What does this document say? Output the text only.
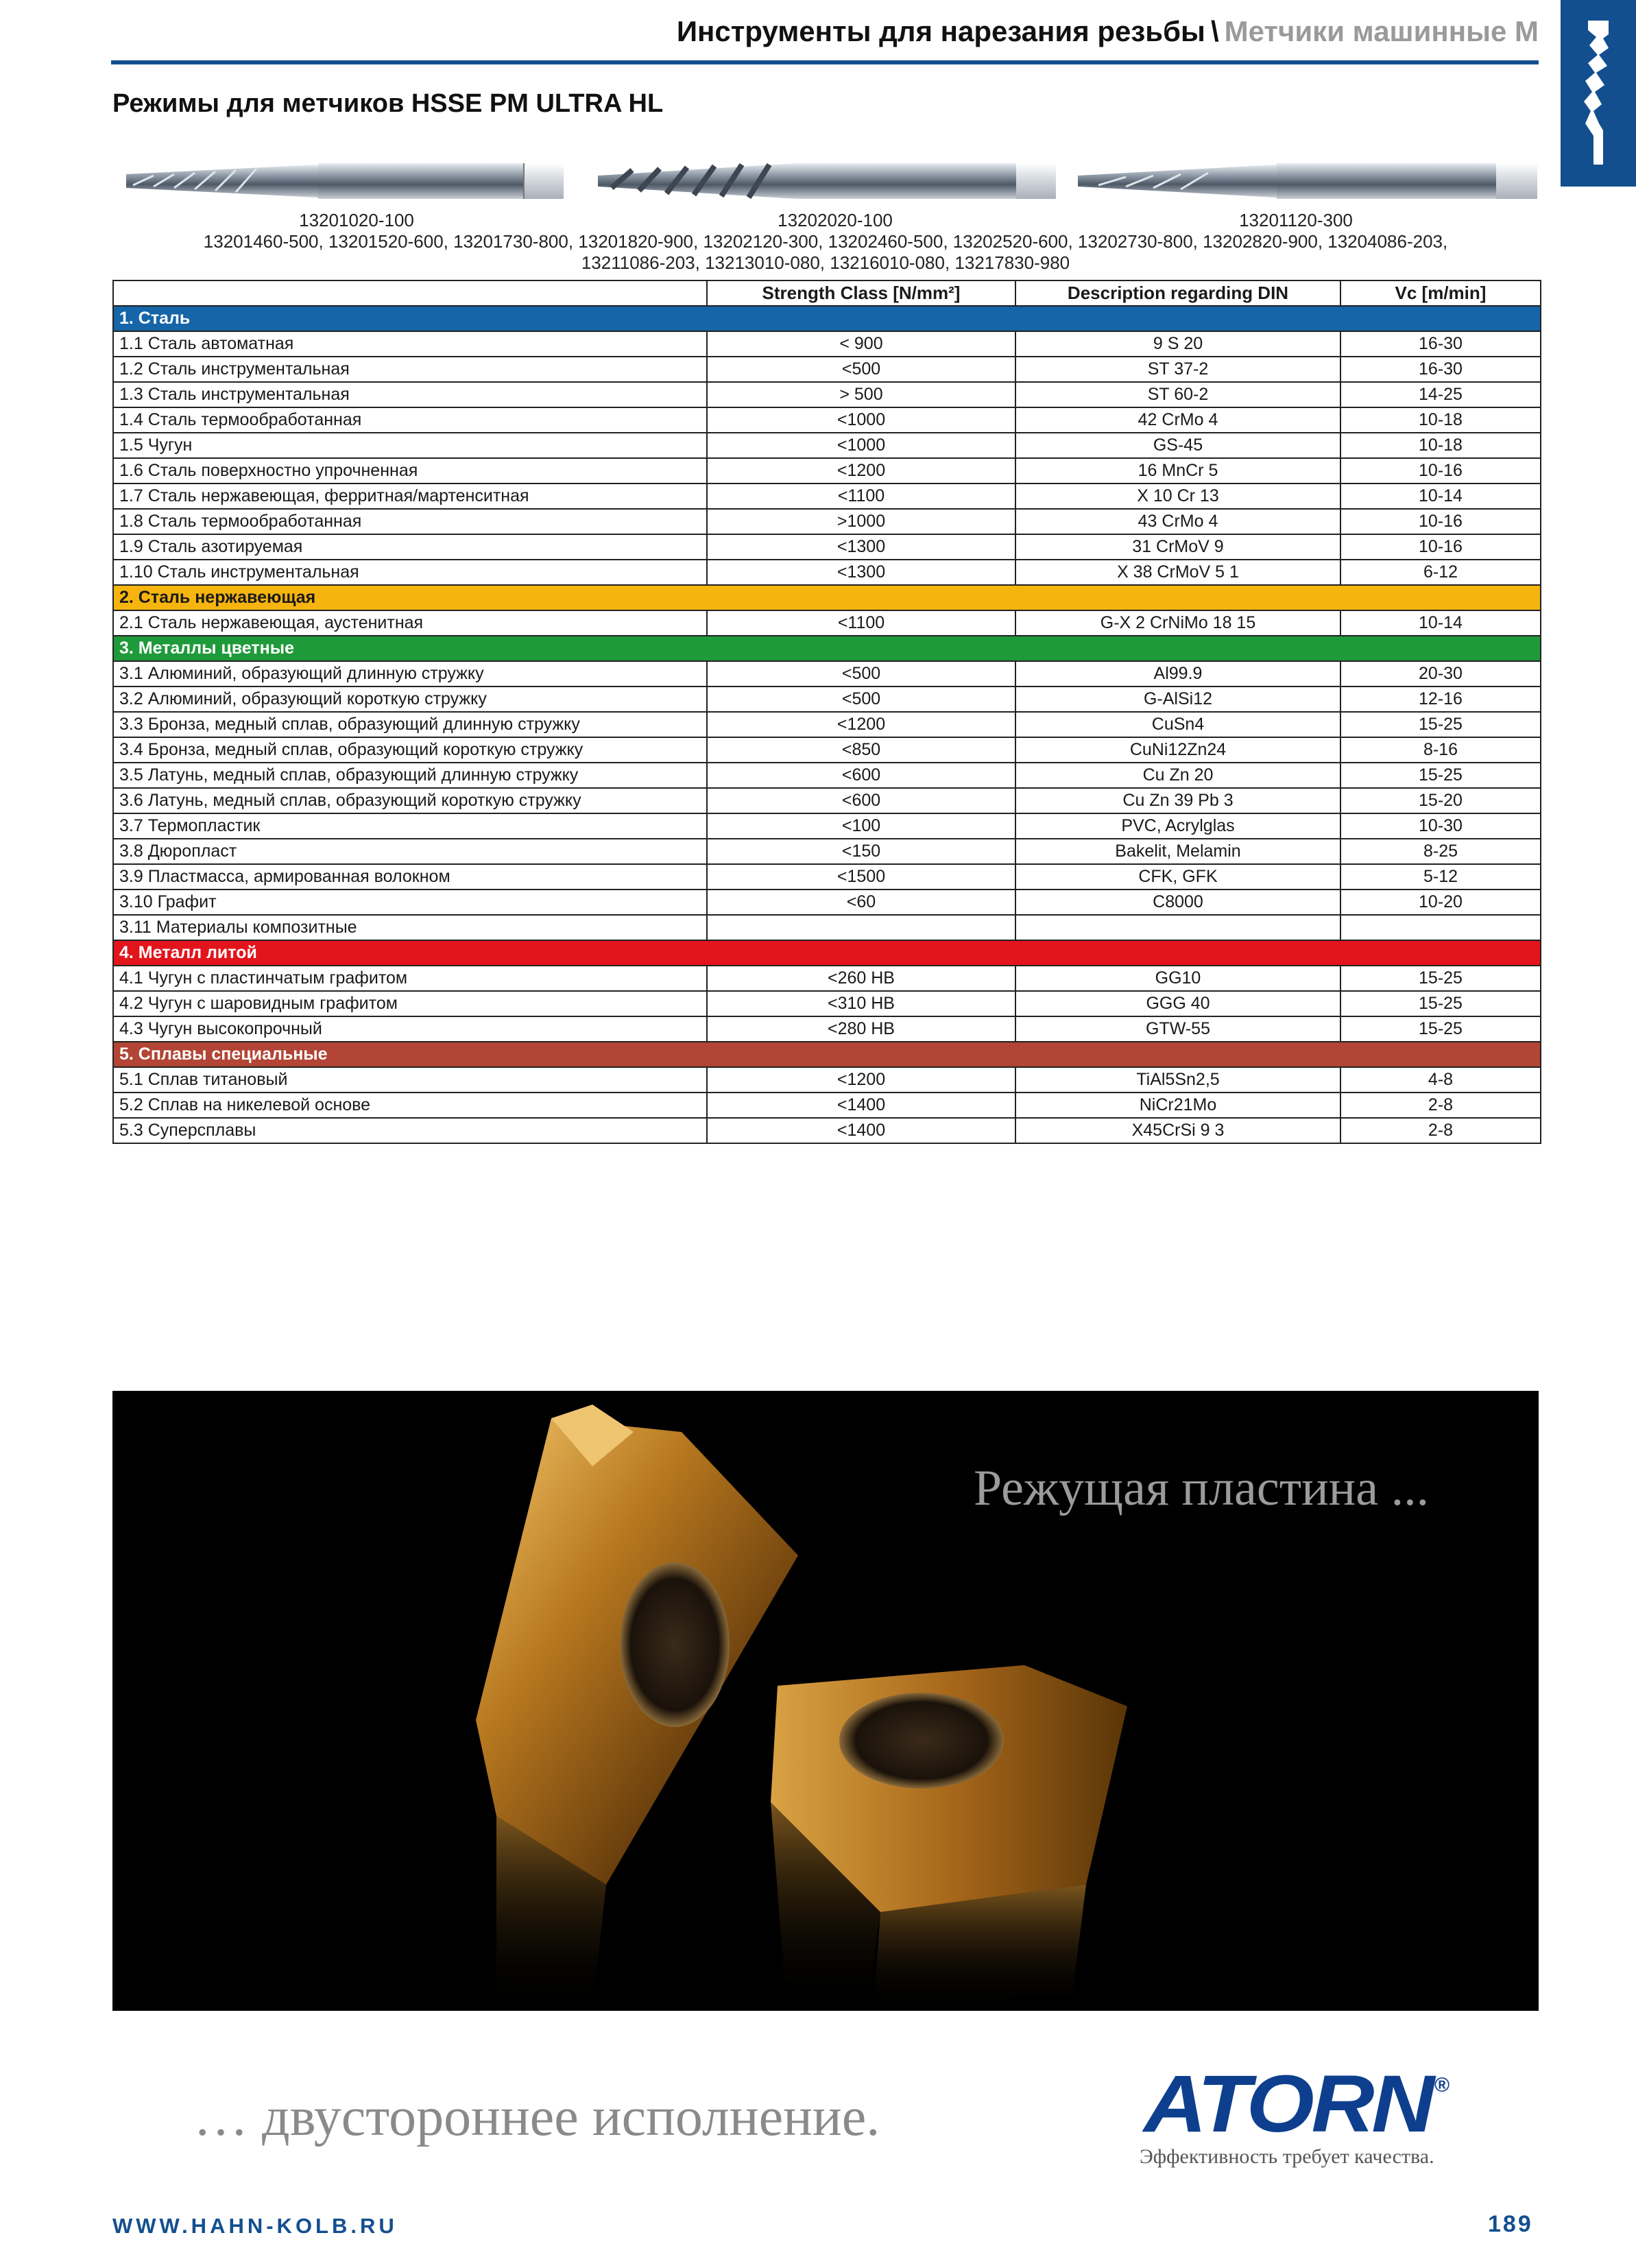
Инструменты для нарезания резьбы \ Метчики машинные M
Режимы для метчиков HSSE PM ULTRA HL
13201020-100	13202020-100	13201120-300
13201460-500, 13201520-600, 13201730-800, 13201820-900, 13202120-300, 13202460-500, 13202520-600, 13202730-800, 13202820-900, 13204086-203,
13211086-203, 13213010-080, 13216010-080, 13217830-980
	Strength Class [N/mm²]	Description regarding DIN	Vc [m/min]
1. Сталь			
1.1 Сталь автоматная	< 900	9 S 20	16-30
1.2 Сталь инструментальная	<500	ST 37-2	16-30
1.3 Сталь инструментальная	> 500	ST 60-2	14-25
1.4 Сталь термообработанная	<1000	42 CrMo 4	10-18
1.5 Чугун	<1000	GS-45	10-18
1.6 Сталь поверхностно упрочненная	<1200	16 MnCr 5	10-16
1.7 Сталь нержавеющая, ферритная/мартенситная	<1100	X 10 Cr 13	10-14
1.8 Сталь термообработанная	>1000	43 CrMo 4	10-16
1.9 Сталь азотируемая	<1300	31 CrMoV 9	10-16
1.10 Сталь инструментальная	<1300	X 38 CrMoV 5 1	6-12
2. Сталь нержавеющая			
2.1 Сталь нержавеющая, аустенитная	<1100	G-X 2 CrNiMo 18 15	10-14
3. Металлы цветные			
3.1 Алюминий, образующий длинную стружку	<500	Al99.9	20-30
3.2 Алюминий, образующий короткую стружку	<500	G-AlSi12	12-16
3.3 Бронза, медный сплав, образующий длинную стружку	<1200	CuSn4	15-25
3.4 Бронза, медный сплав, образующий короткую стружку	<850	CuNi12Zn24	8-16
3.5 Латунь, медный сплав, образующий длинную стружку	<600	Cu Zn 20	15-25
3.6 Латунь, медный сплав, образующий короткую стружку	<600	Cu Zn 39 Pb 3	15-20
3.7 Термопластик	<100	PVC, Acrylglas	10-30
3.8 Дюропласт	<150	Bakelit, Melamin	8-25
3.9 Пластмасса, армированная волокном	<1500	CFK, GFK	5-12
3.10 Графит	<60	C8000	10-20
3.11 Материалы композитные			
4. Металл литой			
4.1 Чугун с пластинчатым графитом	<260 HB	GG10	15-25
4.2 Чугун с шаровидным графитом	<310 HB	GGG 40	15-25
4.3 Чугун высокопрочный	<280 HB	GTW-55	15-25
5. Сплавы специальные			
5.1 Сплав титановый	<1200	TiAl5Sn2,5	4-8
5.2 Сплав на никелевой основе	<1400	NiCr21Mo	2-8
5.3 Суперсплавы	<1400	X45CrSi 9 3	2-8
Режущая пластина ...
… двустороннее исполнение.	ATORN
®
Эффективность требует качества.
WWW.HAHN-KOLB.RU	189
